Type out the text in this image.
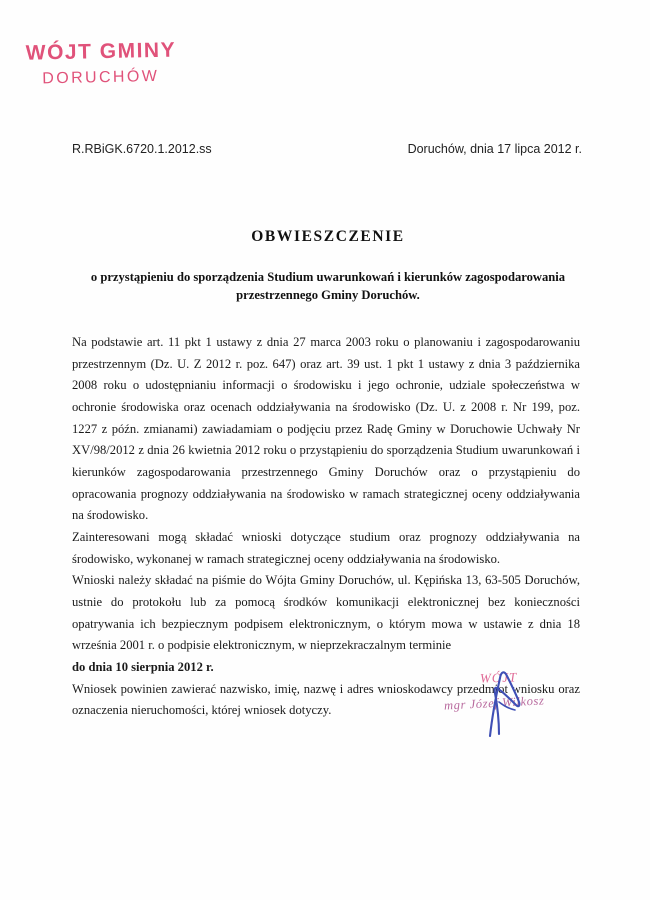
WÓJT GMINY
DORUCHÓW
R.RBiGK.6720.1.2012.ss	Doruchów, dnia 17 lipca 2012 r.
OBWIESZCZENIE
o przystąpieniu do sporządzenia Studium uwarunkowań i kierunków zagospodarowania przestrzennego Gminy Doruchów.

Na podstawie art. 11 pkt 1 ustawy z dnia 27 marca 2003 roku o planowaniu i zagospodarowaniu przestrzennym (Dz. U. Z 2012 r. poz. 647) oraz art. 39 ust. 1 pkt 1 ustawy z dnia 3 października 2008 roku o udostępnianiu informacji o środowisku i jego ochronie, udziale społeczeństwa w ochronie środowiska oraz ocenach oddziaływania na środowisko (Dz. U. z 2008 r. Nr 199, poz. 1227 z późn. zmianami) zawiadamiam o podjęciu przez Radę Gminy w Doruchowie Uchwały Nr XV/98/2012 z dnia 26 kwietnia 2012 roku o przystąpieniu do sporządzenia Studium uwarunkowań i kierunków zagospodarowania przestrzennego Gminy Doruchów oraz o przystąpieniu do opracowania prognozy oddziaływania na środowisko w ramach strategicznej oceny oddziaływania na środowisko.

Zainteresowani mogą składać wnioski dotyczące studium oraz prognozy oddziaływania na środowisko, wykonanej w ramach strategicznej oceny oddziaływania na środowisko.

Wnioski należy składać na piśmie do Wójta Gminy Doruchów, ul. Kępińska 13, 63-505 Doruchów, ustnie do protokołu lub za pomocą środków komunikacji elektronicznej bez konieczności opatrywania ich bezpiecznym podpisem elektronicznym, o którym mowa w ustawie z dnia 18 września 2001 r. o podpisie elektronicznym, w nieprzekraczalnym terminie

do dnia 10 sierpnia 2012 r.

Wniosek powinien zawierać nazwisko, imię, nazwę i adres wnioskodawcy przedmiot wniosku oraz oznaczenia nieruchomości, której wniosek dotyczy.

WÓJT
mgr Józef Wilkosz
